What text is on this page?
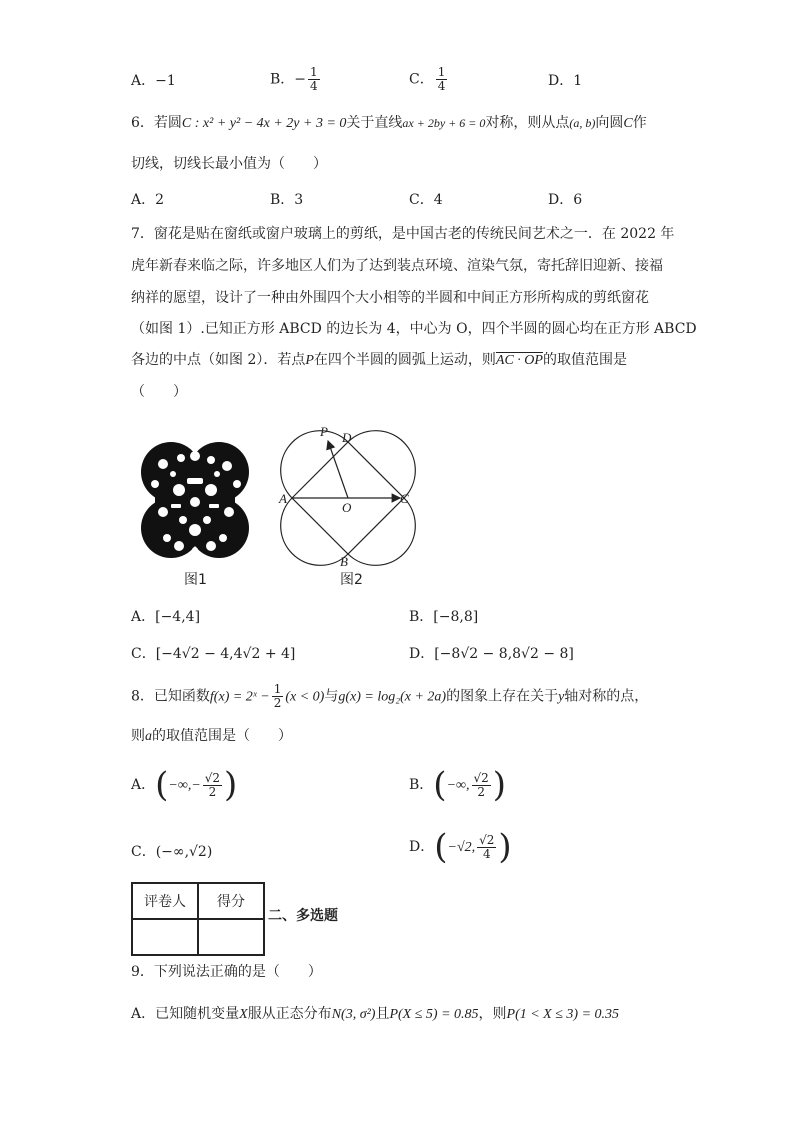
A．−1	B．− $\frac{1}{4}$	C． $\frac{1}{4}$	D．1
6．若圆C : x² + y² − 4x + 2y + 3 = 0关于直线ax + 2by + 6 = 0对称，则从点(a, b)向圆C作
切线，切线长最小值为（　　）
A．2	B．3	C．4	D．6
7．窗花是贴在窗纸或窗户玻璃上的剪纸，是中国古老的传统民间艺术之一．在 2022 年
虎年新春来临之际，许多地区人们为了达到装点环境、渲染气氛，寄托辞旧迎新、接福
纳祥的愿望，设计了一种由外围四个大小相等的半圆和中间正方形所构成的剪纸窗花
（如图 1）.已知正方形 ABCD 的边长为 4，中心为 O，四个半圆的圆心均在正方形 ABCD
各边的中点（如图 2）．若点P在四个半圆的圆弧上运动，则AC · OP的取值范围是
（　　）
图1
P D
A
O
C
B
图2
A．[−4,4]	B．[−8,8]
C．[−4√2 − 4,4√2 + 4]	D．[−8√2 − 8,8√2 − 8]
8．已知函数f(x) = 2ˣ − $\frac{1}{2} (x < 0)$与g(x) = log₂(x + 2a)的图象上存在关于y轴对称的点，
则a的取值范围是（　　）
A．(−∞,− $\frac{√2}{2}$ )	B．(−∞, $\frac{√2}{2}$ )
C．(−∞,√2)	D．(−√2, $\frac{√2}{4}$ )
评卷人	得分

二、多选题
9．下列说法正确的是（　　）
A．已知随机变量X服从正态分布N(3, σ²)且P(X ≤ 5) = 0.85，则P(1 < X ≤ 3) = 0.35
